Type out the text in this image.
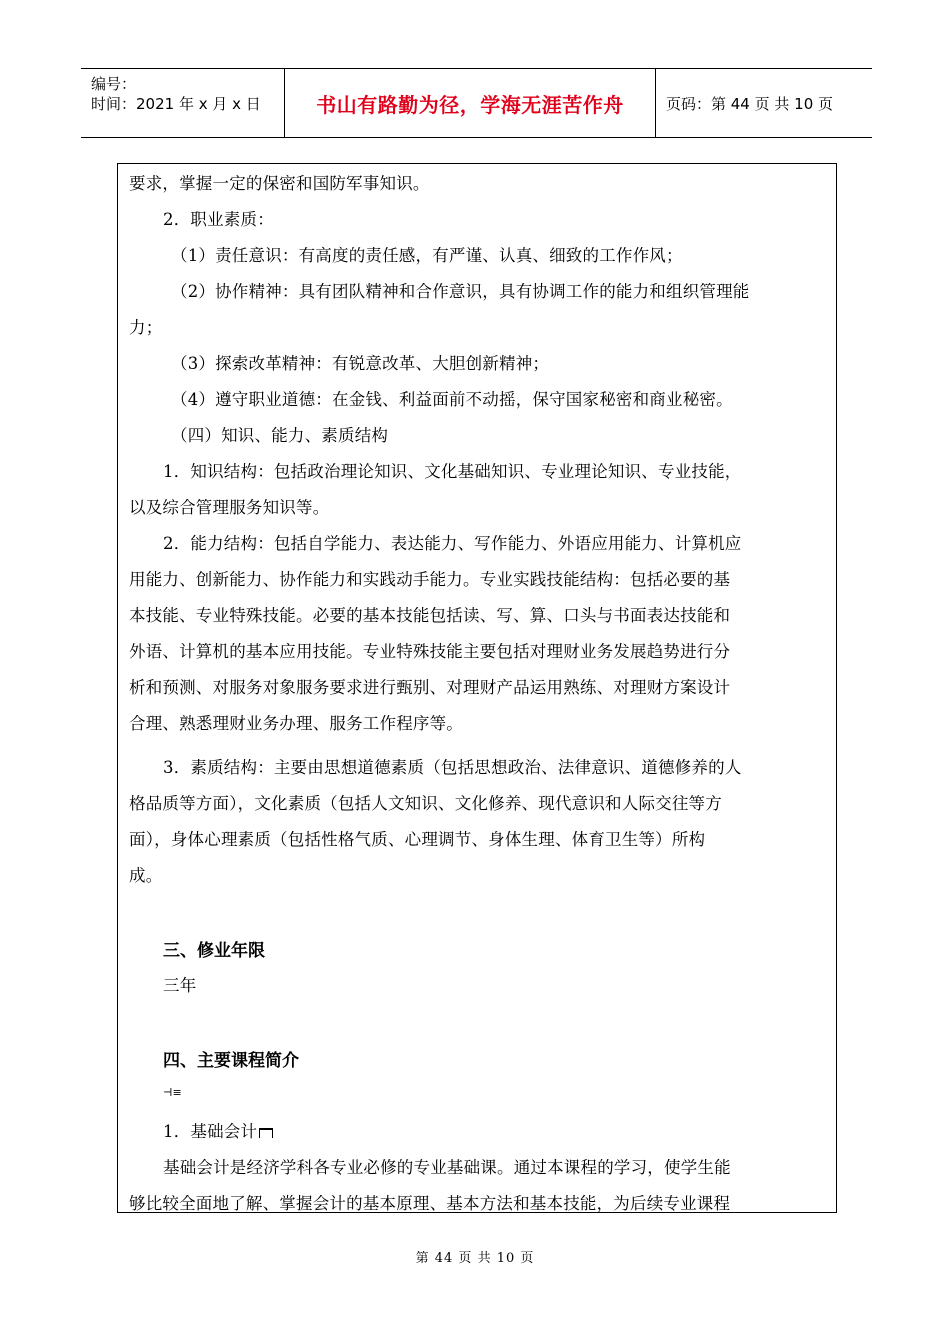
编号：
时间：2021 年 x 月 x 日	书山有路勤为径，学海无涯苦作舟	页码：第 44 页 共 10 页
要求，掌握一定的保密和国防军事知识。
2．职业素质：
（1）责任意识：有高度的责任感，有严谨、认真、细致的工作作风；
（2）协作精神：具有团队精神和合作意识，具有协调工作的能力和组织管理能
力；
（3）探索改革精神：有锐意改革、大胆创新精神；
（4）遵守职业道德：在金钱、利益面前不动摇，保守国家秘密和商业秘密。
（四）知识、能力、素质结构
1．知识结构：包括政治理论知识、文化基础知识、专业理论知识、专业技能，
以及综合管理服务知识等。
2．能力结构：包括自学能力、表达能力、写作能力、外语应用能力、计算机应
用能力、创新能力、协作能力和实践动手能力。专业实践技能结构：包括必要的基
本技能、专业特殊技能。必要的基本技能包括读、写、算、口头与书面表达技能和
外语、计算机的基本应用技能。专业特殊技能主要包括对理财业务发展趋势进行分
析和预测、对服务对象服务要求进行甄别、对理财产品运用熟练、对理财方案设计
合理、熟悉理财业务办理、服务工作程序等。
3．素质结构：主要由思想道德素质（包括思想政治、法律意识、道德修养的人
格品质等方面），文化素质（包括人文知识、文化修养、现代意识和人际交往等方
面），身体心理素质（包括性格气质、心理调节、身体生理、体育卫生等）所构
成。
三、修业年限
三年
四、主要课程简介
⊣≡
1．基础会计
基础会计是经济学科各专业必修的专业基础课。通过本课程的学习，使学生能
够比较全面地了解、掌握会计的基本原理、基本方法和基本技能，为后续专业课程
第 44 页 共 10 页
